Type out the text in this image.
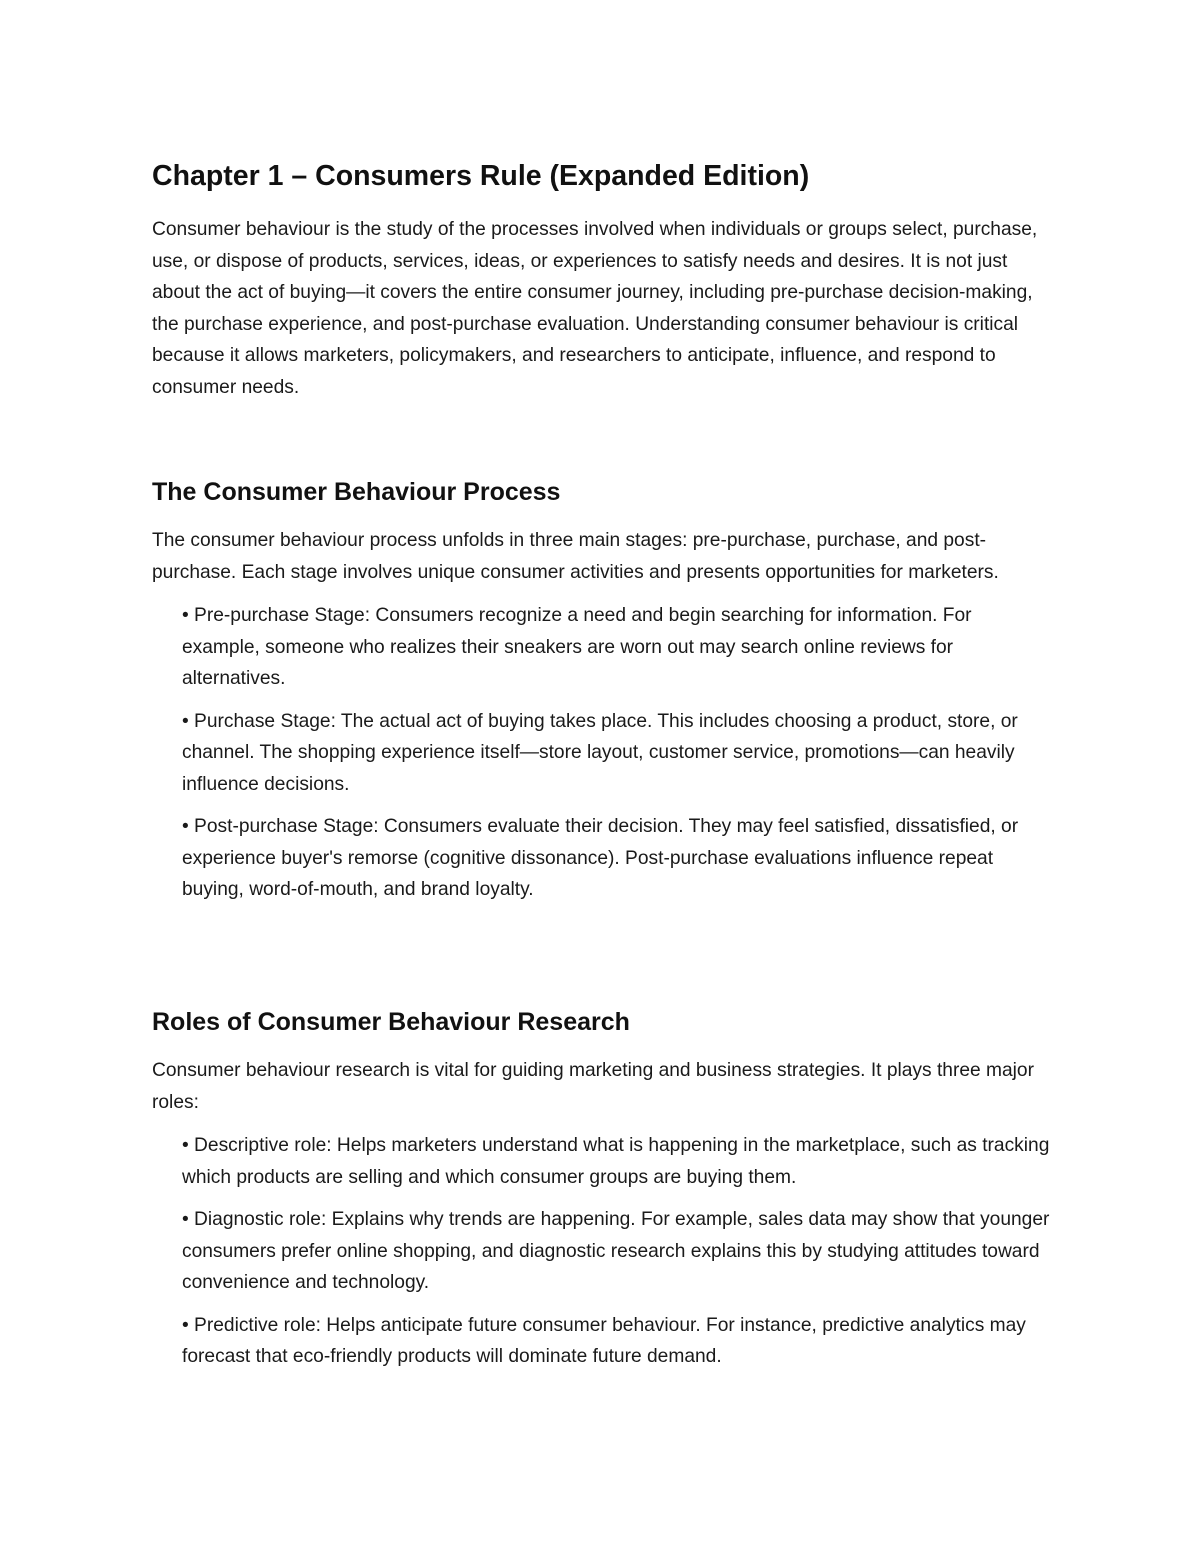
Chapter 1 – Consumers Rule (Expanded Edition)

Consumer behaviour is the study of the processes involved when individuals or groups select, purchase, use, or dispose of products, services, ideas, or experiences to satisfy needs and desires. It is not just about the act of buying—it covers the entire consumer journey, including pre-purchase decision-making, the purchase experience, and post-purchase evaluation. Understanding consumer behaviour is critical because it allows marketers, policymakers, and researchers to anticipate, influence, and respond to consumer needs.

The Consumer Behaviour Process

The consumer behaviour process unfolds in three main stages: pre-purchase, purchase, and post-purchase. Each stage involves unique consumer activities and presents opportunities for marketers.

• Pre-purchase Stage: Consumers recognize a need and begin searching for information. For example, someone who realizes their sneakers are worn out may search online reviews for alternatives.
• Purchase Stage: The actual act of buying takes place. This includes choosing a product, store, or channel. The shopping experience itself—store layout, customer service, promotions—can heavily influence decisions.
• Post-purchase Stage: Consumers evaluate their decision. They may feel satisfied, dissatisfied, or experience buyer's remorse (cognitive dissonance). Post-purchase evaluations influence repeat buying, word-of-mouth, and brand loyalty.
Roles of Consumer Behaviour Research

Consumer behaviour research is vital for guiding marketing and business strategies. It plays three major roles:

• Descriptive role: Helps marketers understand what is happening in the marketplace, such as tracking which products are selling and which consumer groups are buying them.
• Diagnostic role: Explains why trends are happening. For example, sales data may show that younger consumers prefer online shopping, and diagnostic research explains this by studying attitudes toward convenience and technology.
• Predictive role: Helps anticipate future consumer behaviour. For instance, predictive analytics may forecast that eco-friendly products will dominate future demand.
